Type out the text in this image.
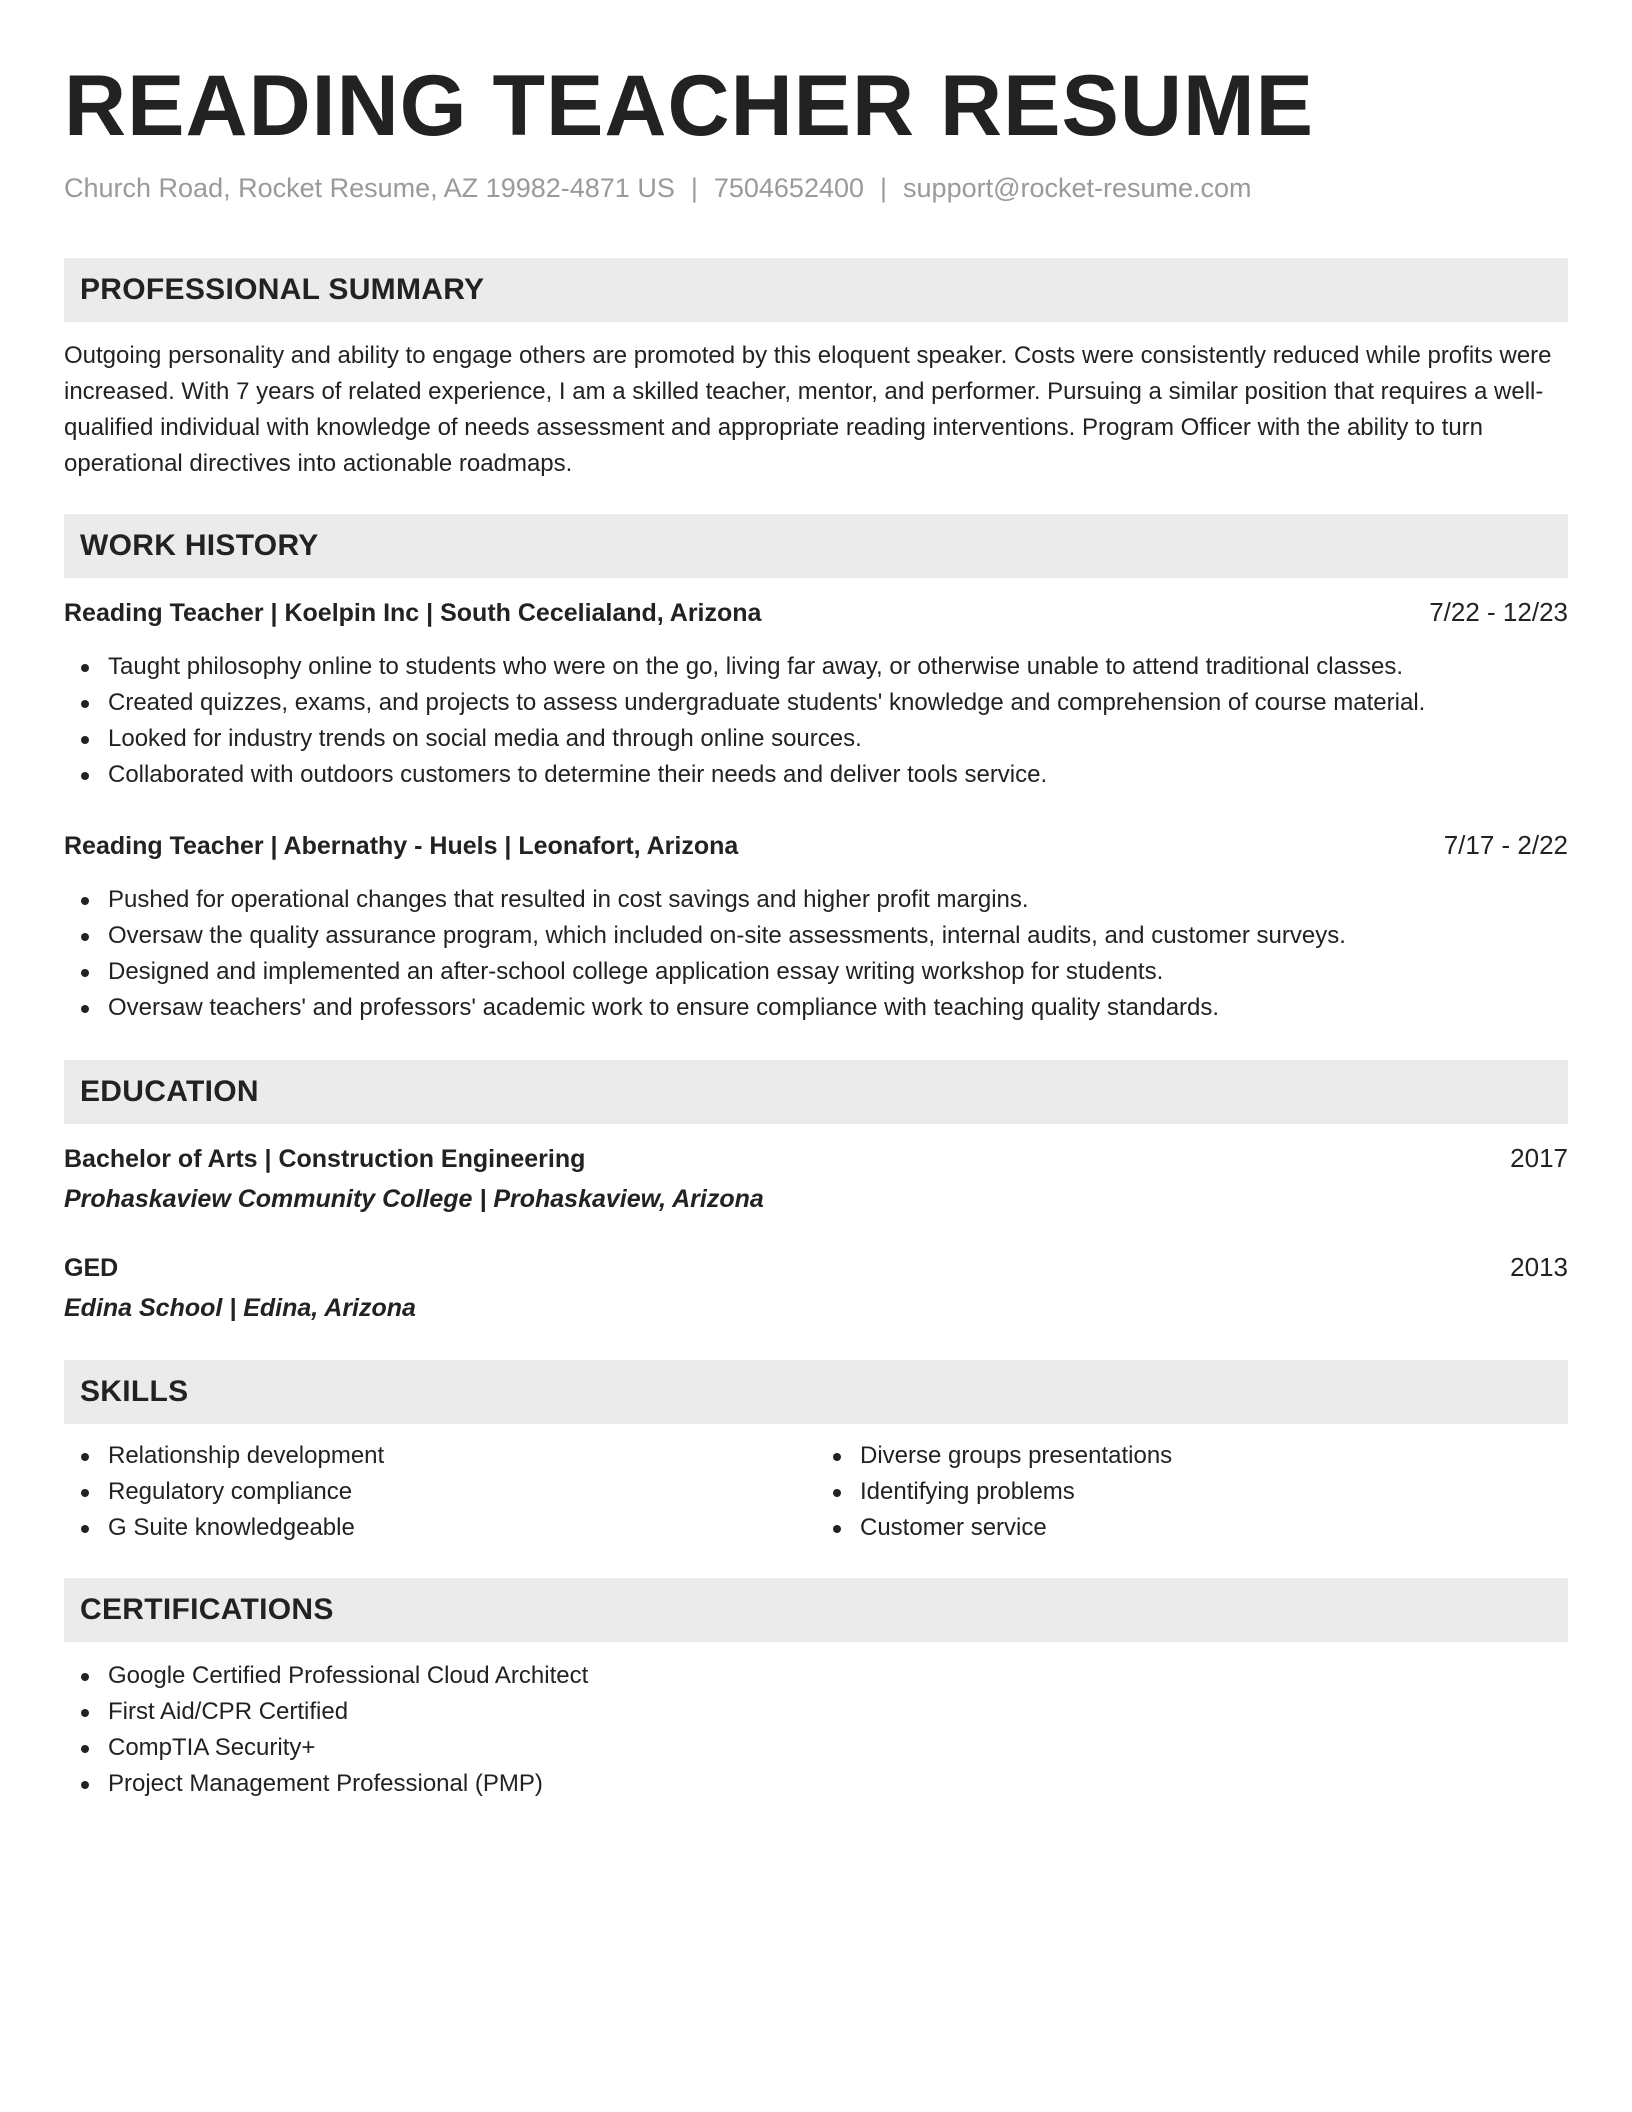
READING TEACHER RESUME
Church Road, Rocket Resume, AZ 19982-4871 US | 7504652400 | support@rocket-resume.com
PROFESSIONAL SUMMARY
Outgoing personality and ability to engage others are promoted by this eloquent speaker. Costs were consistently reduced while profits were increased. With 7 years of related experience, I am a skilled teacher, mentor, and performer. Pursuing a similar position that requires a well-qualified individual with knowledge of needs assessment and appropriate reading interventions. Program Officer with the ability to turn operational directives into actionable roadmaps.
WORK HISTORY
Reading Teacher | Koelpin Inc | South Cecelialand, Arizona	7/22 - 12/23
Taught philosophy online to students who were on the go, living far away, or otherwise unable to attend traditional classes.
Created quizzes, exams, and projects to assess undergraduate students' knowledge and comprehension of course material.
Looked for industry trends on social media and through online sources.
Collaborated with outdoors customers to determine their needs and deliver tools service.
Reading Teacher | Abernathy - Huels | Leonafort, Arizona	7/17 - 2/22
Pushed for operational changes that resulted in cost savings and higher profit margins.
Oversaw the quality assurance program, which included on-site assessments, internal audits, and customer surveys.
Designed and implemented an after-school college application essay writing workshop for students.
Oversaw teachers' and professors' academic work to ensure compliance with teaching quality standards.
EDUCATION
Bachelor of Arts | Construction Engineering	2017
Prohaskaview Community College | Prohaskaview, Arizona
GED	2013
Edina School | Edina, Arizona
SKILLS
Relationship development
Regulatory compliance
G Suite knowledgeable
Diverse groups presentations
Identifying problems
Customer service
CERTIFICATIONS
Google Certified Professional Cloud Architect
First Aid/CPR Certified
CompTIA Security+
Project Management Professional (PMP)
